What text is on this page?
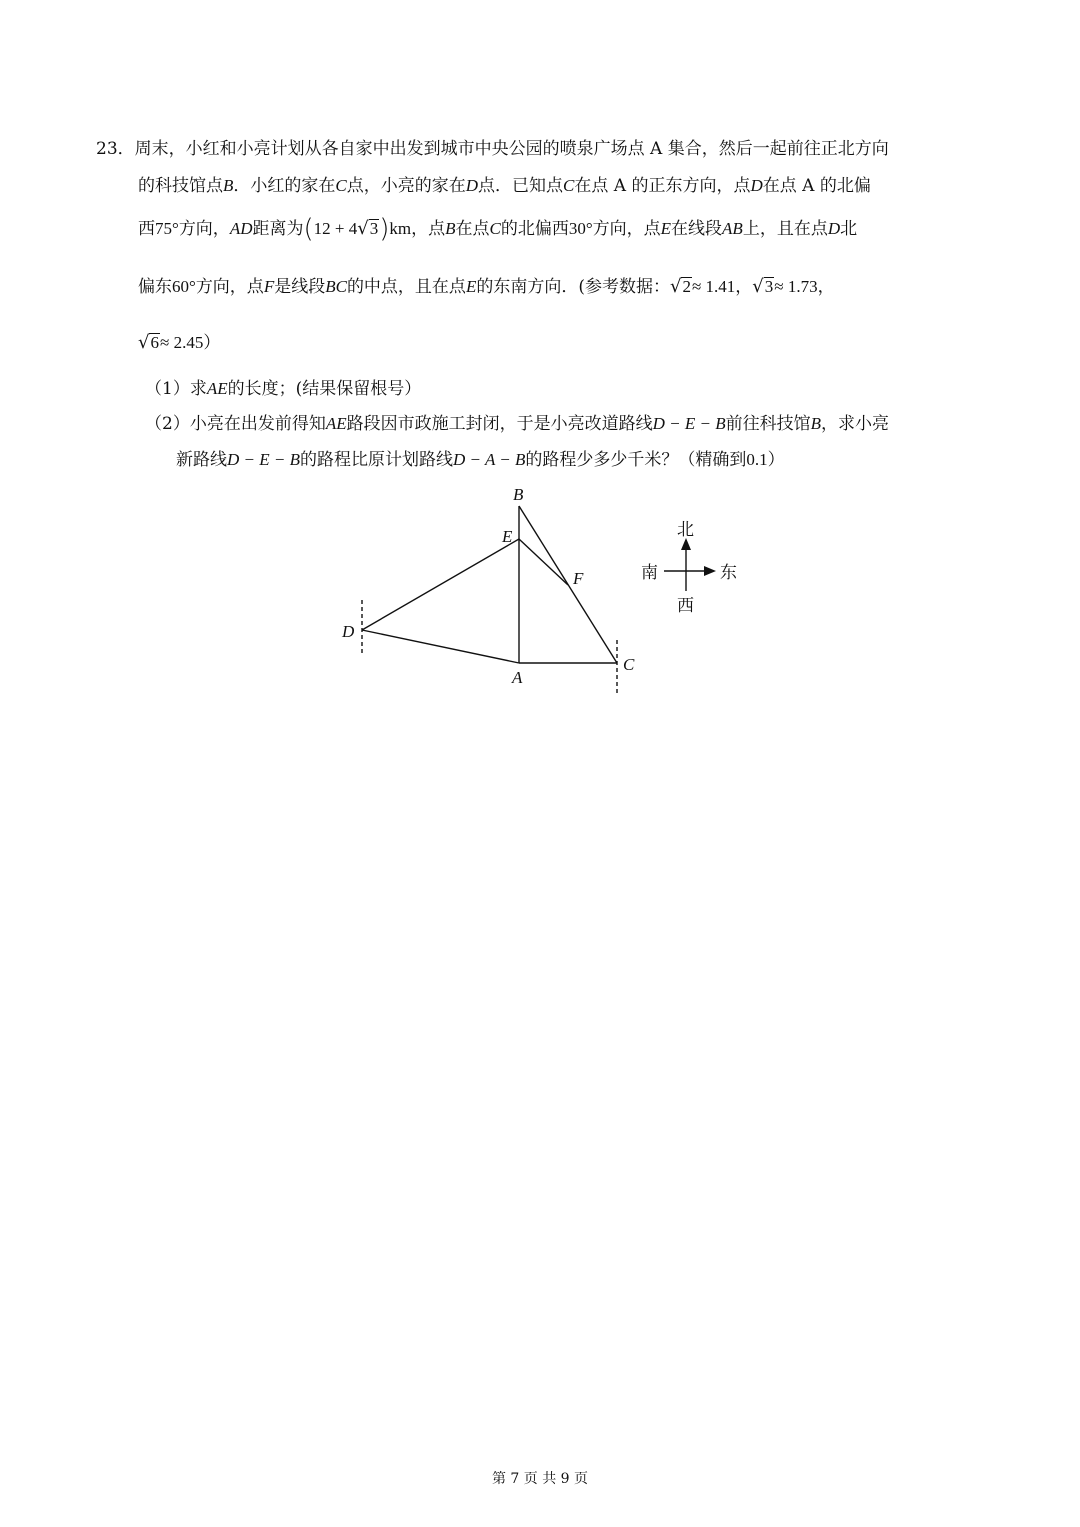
23．周末，小红和小亮计划从各自家中出发到城市中央公园的喷泉广场点 A 集合，然后一起前往正北方向
的科技馆点B．小红的家在C点，小亮的家在D点．已知点C在点 A 的正东方向，点D在点 A 的北偏
西75°方向，AD距离为(12 + 4√3)km，点B在点C的北偏西30°方向，点E在线段AB上，且在点D北
偏东60°方向，点F是线段BC的中点，且在点E的东南方向．(参考数据：√2≈ 1.41，√3≈ 1.73，
√6≈ 2.45）
（1）求AE的长度；(结果保留根号）
（2）小亮在出发前得知AE路段因市政施工封闭，于是小亮改道路线D − E − B前往科技馆B，求小亮
新路线D − E − B的路程比原计划路线D − A − B的路程少多少千米？（精确到0.1）
B
E
F
D
A
C
北
南	东
西
第 7 页 共 9 页
